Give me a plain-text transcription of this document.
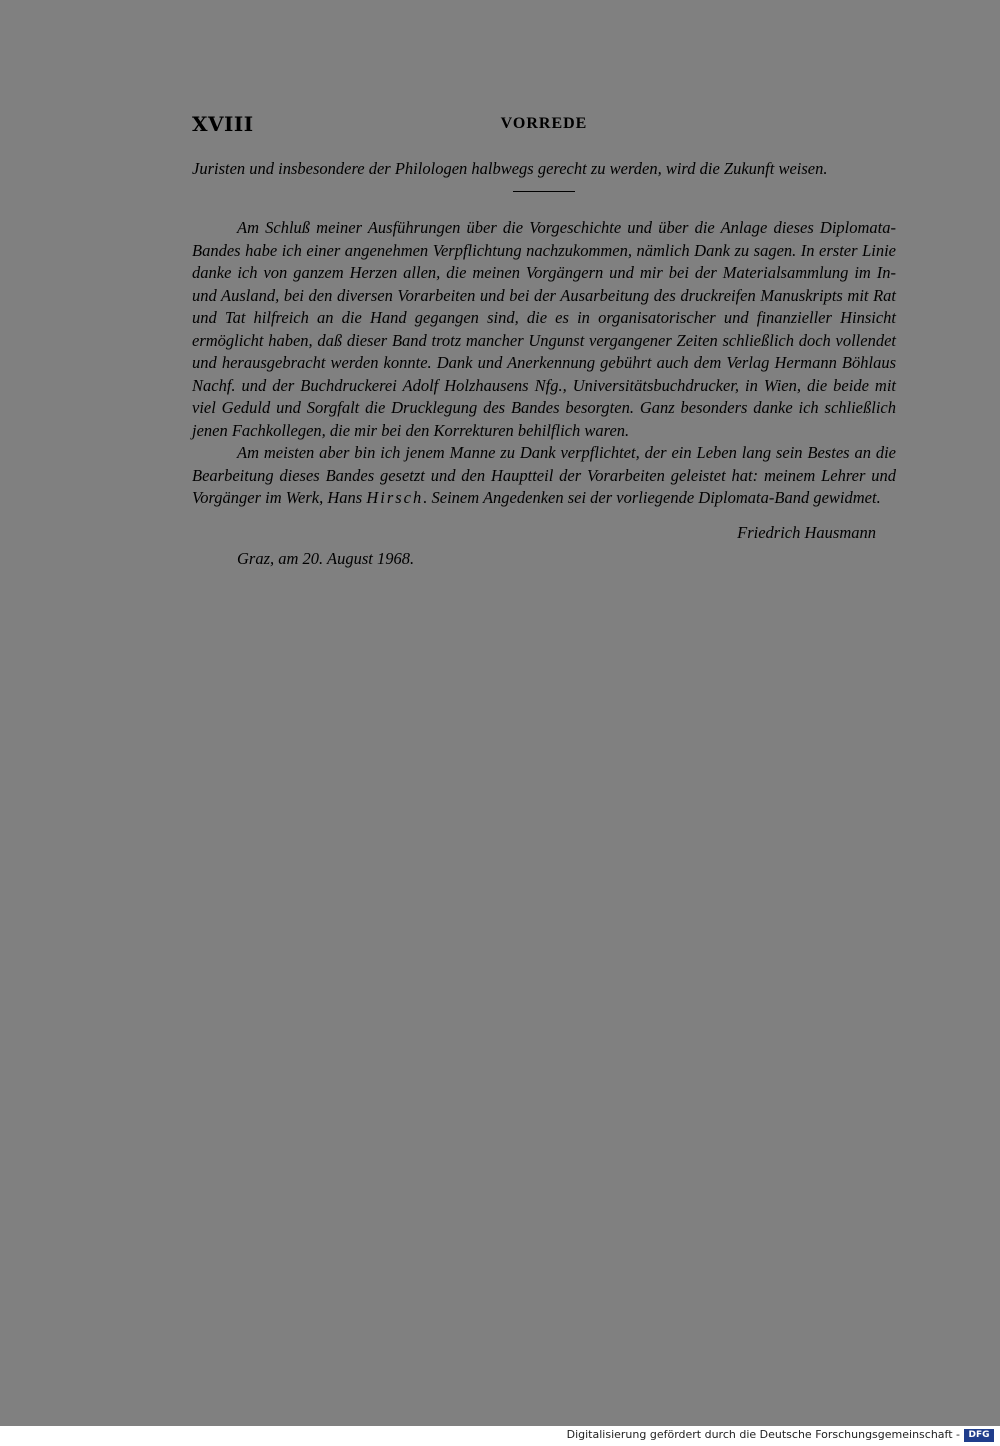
XVIII	VORREDE

Juristen und insbesondere der Philologen halbwegs gerecht zu werden, wird die Zukunft weisen.

Am Schluß meiner Ausführungen über die Vorgeschichte und über die Anlage dieses Diplomata-Bandes habe ich einer angenehmen Verpflichtung nachzukommen, nämlich Dank zu sagen. In erster Linie danke ich von ganzem Herzen allen, die meinen Vorgängern und mir bei der Materialsammlung im In- und Ausland, bei den diversen Vorarbeiten und bei der Ausarbeitung des druckreifen Manuskripts mit Rat und Tat hilfreich an die Hand gegangen sind, die es in organisatorischer und finanzieller Hinsicht ermöglicht haben, daß dieser Band trotz mancher Ungunst vergangener Zeiten schließlich doch vollendet und herausgebracht werden konnte. Dank und Anerkennung gebührt auch dem Verlag Hermann Böhlaus Nachf. und der Buchdruckerei Adolf Holzhausens Nfg., Universitätsbuchdrucker, in Wien, die beide mit viel Geduld und Sorgfalt die Drucklegung des Bandes besorgten. Ganz besonders danke ich schließlich jenen Fachkollegen, die mir bei den Korrekturen behilflich waren.

Am meisten aber bin ich jenem Manne zu Dank verpflichtet, der ein Leben lang sein Bestes an die Bearbeitung dieses Bandes gesetzt und den Hauptteil der Vorarbeiten geleistet hat: meinem Lehrer und Vorgänger im Werk, Hans Hirsch. Seinem Angedenken sei der vorliegende Diplomata-Band gewidmet.

Friedrich Hausmann

Graz, am 20. August 1968.

Digitalisierung gefördert durch die Deutsche Forschungsgemeinschaft - DFG
